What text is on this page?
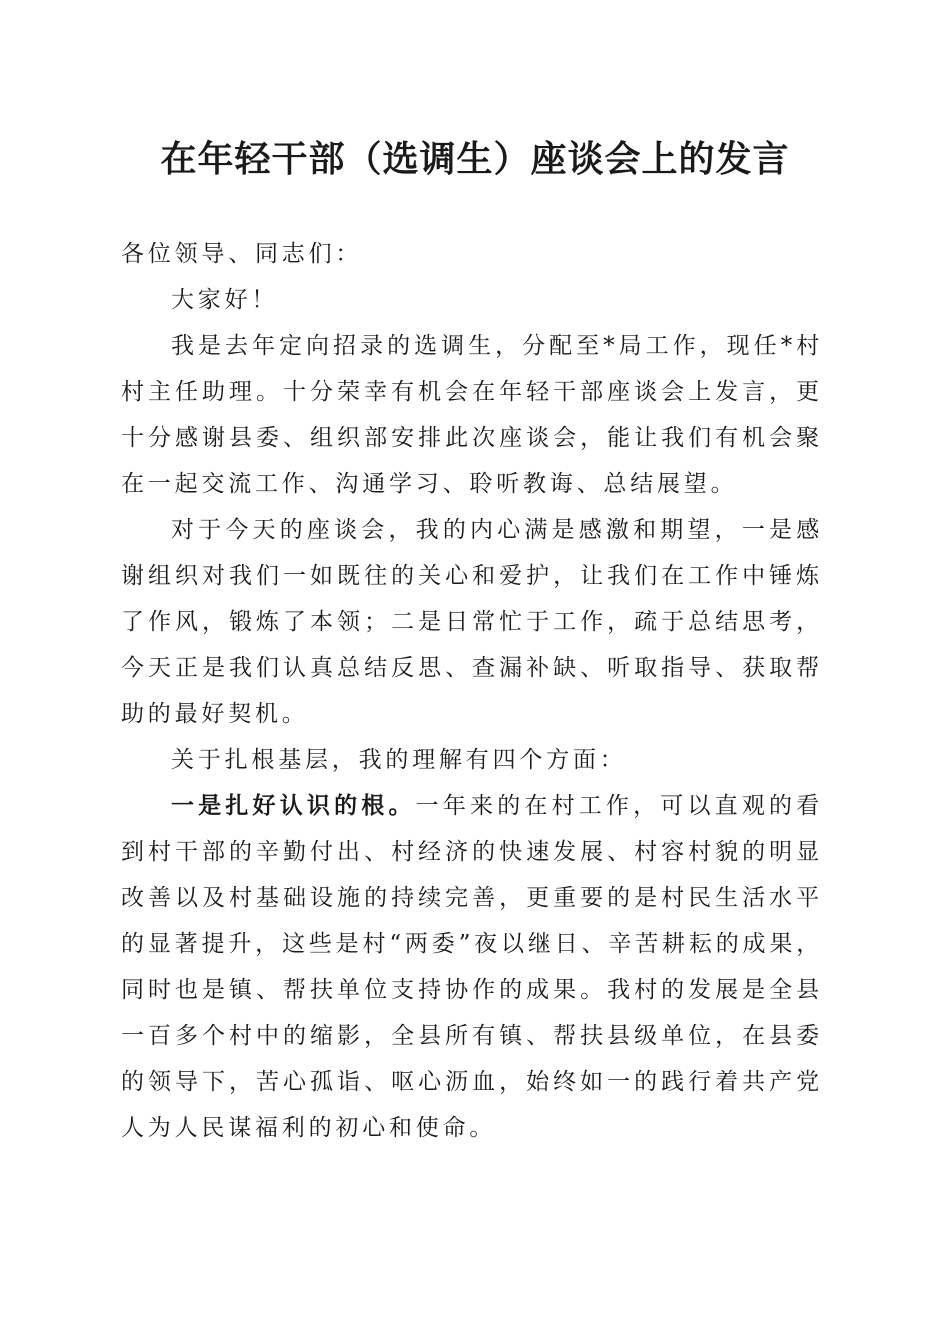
在年轻干部（选调生）座谈会上的发言

各位领导、同志们：

大家好！

我是去年定向招录的选调生，分配至*局工作，现任*村村主任助理。十分荣幸有机会在年轻干部座谈会上发言，更十分感谢县委、组织部安排此次座谈会，能让我们有机会聚在一起交流工作、沟通学习、聆听教诲、总结展望。

对于今天的座谈会，我的内心满是感激和期望，一是感谢组织对我们一如既往的关心和爱护，让我们在工作中锤炼了作风，锻炼了本领；二是日常忙于工作，疏于总结思考，今天正是我们认真总结反思、查漏补缺、听取指导、获取帮助的最好契机。

关于扎根基层，我的理解有四个方面：

一是扎好认识的根。一年来的在村工作，可以直观的看到村干部的辛勤付出、村经济的快速发展、村容村貌的明显改善以及村基础设施的持续完善，更重要的是村民生活水平的显著提升，这些是村“两委”夜以继日、辛苦耕耘的成果，同时也是镇、帮扶单位支持协作的成果。我村的发展是全县一百多个村中的缩影，全县所有镇、帮扶县级单位，在县委的领导下，苦心孤诣、呕心沥血，始终如一的践行着共产党人为人民谋福利的初心和使命。
